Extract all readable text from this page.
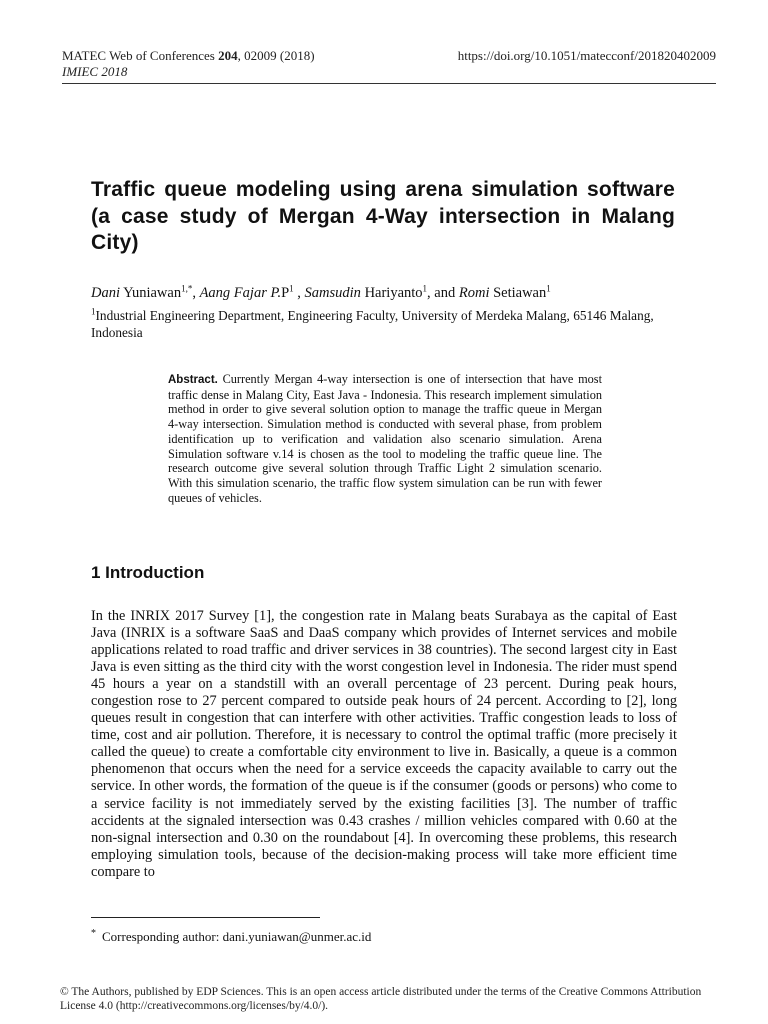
MATEC Web of Conferences 204, 02009 (2018)
IMIEC 2018
https://doi.org/10.1051/matecconf/201820402009
Traffic queue modeling using arena simulation software (a case study of Mergan 4-Way intersection in Malang City)
Dani Yuniawan$^{1,*}$, Aang Fajar $P.P^1$ , Samsudin Hariyanto$^1$, and Romi Setiawan$^1$
$^1$Industrial Engineering Department, Engineering Faculty, University of Merdeka Malang, 65146 Malang, Indonesia
Abstract. Currently Mergan 4-way intersection is one of intersection that have most traffic dense in Malang City, East Java - Indonesia. This research implement simulation method in order to give several solution option to manage the traffic queue in Mergan 4-way intersection. Simulation method is conducted with several phase, from problem identification up to verification and validation also scenario simulation. Arena Simulation software v.14 is chosen as the tool to modeling the traffic queue line. The research outcome give several solution through Traffic Light 2 simulation scenario. With this simulation scenario, the traffic flow system simulation can be run with fewer queues of vehicles.
1 Introduction
In the INRIX 2017 Survey [1], the congestion rate in Malang beats Surabaya as the capital of East Java (INRIX is a software SaaS and DaaS company which provides of Internet services and mobile applications related to road traffic and driver services in 38 countries). The second largest city in East Java is even sitting as the third city with the worst congestion level in Indonesia. The rider must spend 45 hours a year on a standstill with an overall percentage of 23 percent. During peak hours, congestion rose to 27 percent compared to outside peak hours of 24 percent. According to [2], long queues result in congestion that can interfere with other activities. Traffic congestion leads to loss of time, cost and air pollution. Therefore, it is necessary to control the optimal traffic (more precisely it called the queue) to create a comfortable city environment to live in. Basically, a queue is a common phenomenon that occurs when the need for a service exceeds the capacity available to carry out the service. In other words, the formation of the queue is if the consumer (goods or persons) who come to a service facility is not immediately served by the existing facilities [3]. The number of traffic accidents at the signaled intersection was 0.43 crashes / million vehicles compared with 0.60 at the non-signal intersection and 0.30 on the roundabout [4]. In overcoming these problems, this research employing simulation tools, because of the decision-making process will take more efficient time compare to
* Corresponding author: dani.yuniawan@unmer.ac.id
© The Authors, published by EDP Sciences. This is an open access article distributed under the terms of the Creative Commons Attribution License 4.0 (http://creativecommons.org/licenses/by/4.0/).
